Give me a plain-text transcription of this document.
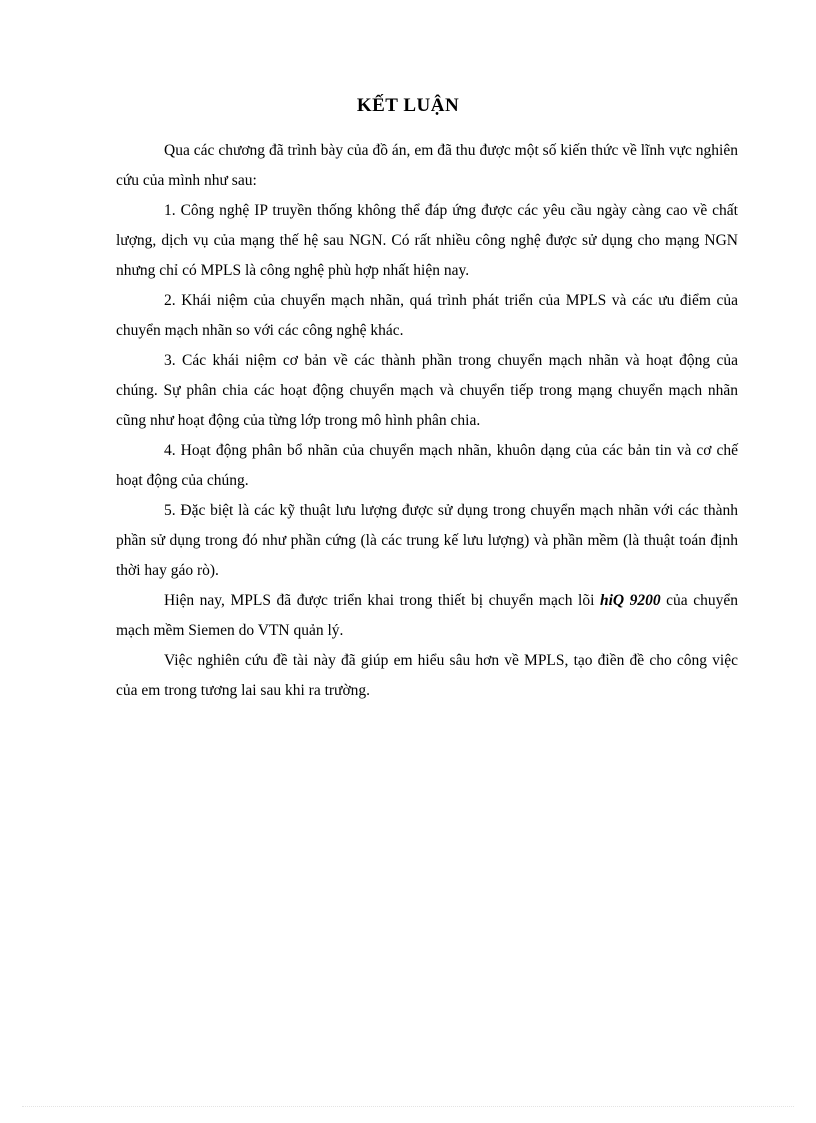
KẾT LUẬN

Qua các chương đã trình bày của đồ án, em đã thu được một số kiến thức về lĩnh vực nghiên cứu của mình như sau:

1. Công nghệ IP truyền thống không thể đáp ứng được các yêu cầu ngày càng cao về chất lượng, dịch vụ của mạng thế hệ sau NGN. Có rất nhiều công nghệ được sử dụng cho mạng NGN nhưng chỉ có MPLS là công nghệ phù hợp nhất hiện nay.

2. Khái niệm của chuyển mạch nhãn, quá trình phát triển của MPLS và các ưu điểm của chuyển mạch nhãn so với các công nghệ khác.

3. Các khái niệm cơ bản về các thành phần trong chuyển mạch nhãn và hoạt động của chúng. Sự phân chia các hoạt động chuyển mạch và chuyển tiếp trong mạng chuyển mạch nhãn cũng như hoạt động của từng lớp trong mô hình phân chia.

4. Hoạt động phân bổ nhãn của chuyển mạch nhãn, khuôn dạng của các bản tin và cơ chế hoạt động của chúng.

5. Đặc biệt là các kỹ thuật lưu lượng được sử dụng trong chuyển mạch nhãn với các thành phần sử dụng trong đó như phần cứng (là các trung kế lưu lượng) và phần mềm (là thuật toán định thời hay gáo rò).

Hiện nay, MPLS đã được triển khai trong thiết bị chuyển mạch lõi hiQ 9200 của chuyển mạch mềm Siemen do VTN quản lý.

Việc nghiên cứu đề tài này đã giúp em hiểu sâu hơn về MPLS, tạo điền đề cho công việc của em trong tương lai sau khi ra trường.
